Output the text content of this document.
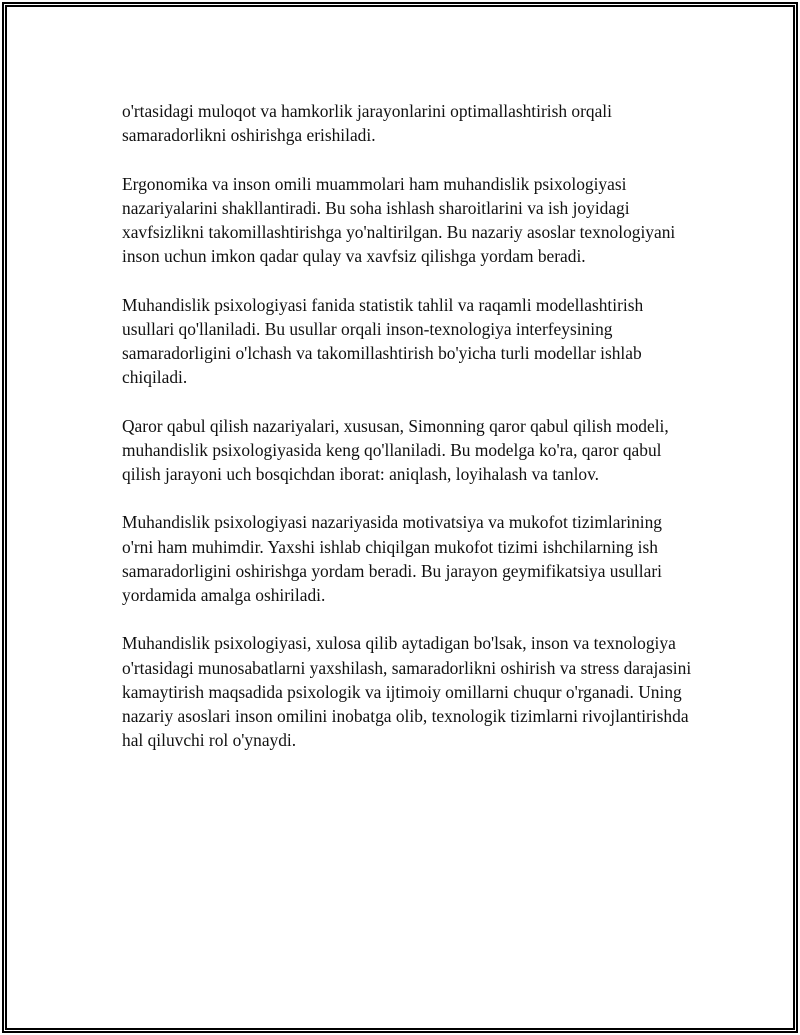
o'rtasidagi muloqot va hamkorlik jarayonlarini optimallashtirish orqali samaradorlikni oshirishga erishiladi.

Ergonomika va inson omili muammolari ham muhandislik psixologiyasi nazariyalarini shakllantiradi. Bu soha ishlash sharoitlarini va ish joyidagi xavfsizlikni takomillashtirishga yo'naltirilgan. Bu nazariy asoslar texnologiyani inson uchun imkon qadar qulay va xavfsiz qilishga yordam beradi.

Muhandislik psixologiyasi fanida statistik tahlil va raqamli modellashtirish usullari qo'llaniladi. Bu usullar orqali inson-texnologiya interfeysining samaradorligini o'lchash va takomillashtirish bo'yicha turli modellar ishlab chiqiladi.

Qaror qabul qilish nazariyalari, xususan, Simonning qaror qabul qilish modeli, muhandislik psixologiyasida keng qo'llaniladi. Bu modelga ko'ra, qaror qabul qilish jarayoni uch bosqichdan iborat: aniqlash, loyihalash va tanlov.

Muhandislik psixologiyasi nazariyasida motivatsiya va mukofot tizimlarining o'rni ham muhimdir. Yaxshi ishlab chiqilgan mukofot tizimi ishchilarning ish samaradorligini oshirishga yordam beradi. Bu jarayon geymifikatsiya usullari yordamida amalga oshiriladi.

Muhandislik psixologiyasi, xulosa qilib aytadigan bo'lsak, inson va texnologiya o'rtasidagi munosabatlarni yaxshilash, samaradorlikni oshirish va stress darajasini kamaytirish maqsadida psixologik va ijtimoiy omillarni chuqur o'rganadi. Uning nazariy asoslari inson omilini inobatga olib, texnologik tizimlarni rivojlantirishda hal qiluvchi rol o'ynaydi.
